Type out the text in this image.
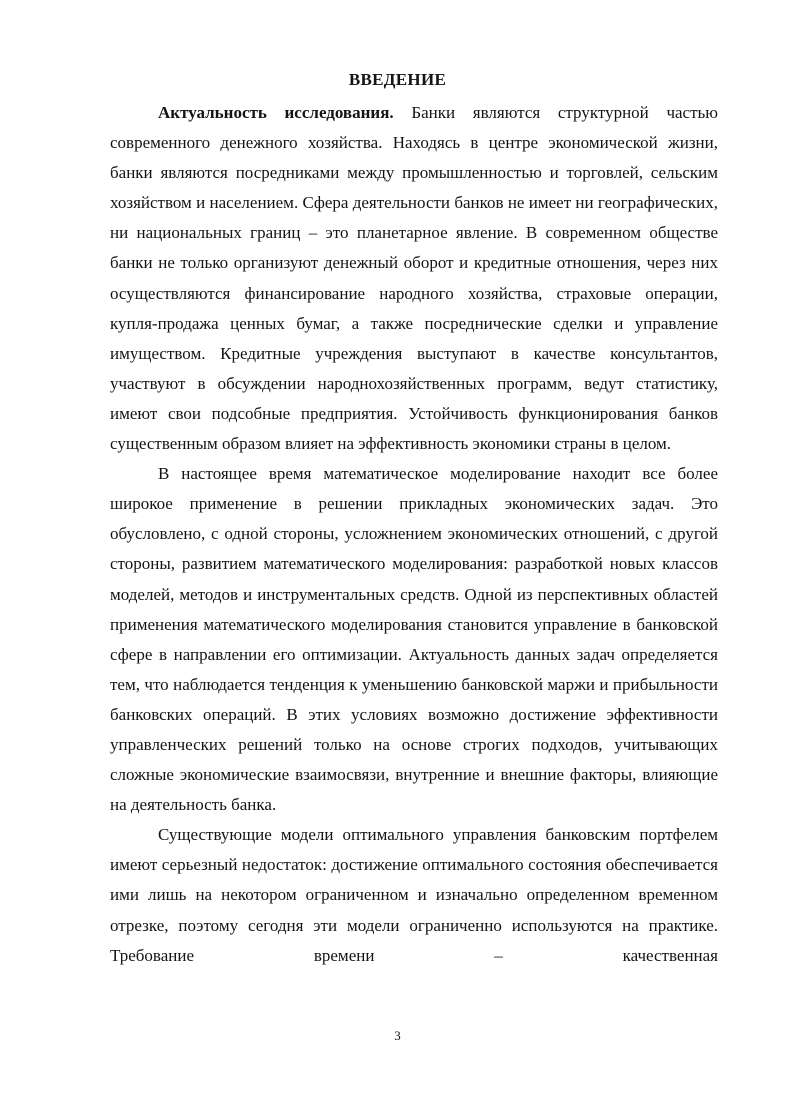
ВВЕДЕНИЕ

Актуальность исследования. Банки являются структурной частью современного денежного хозяйства. Находясь в центре экономической жизни, банки являются посредниками между промышленностью и торговлей, сельским хозяйством и населением. Сфера деятельности банков не имеет ни географических, ни национальных границ – это планетарное явление. В современном обществе банки не только организуют денежный оборот и кредитные отношения, через них осуществляются финансирование народного хозяйства, страховые операции, купля-продажа ценных бумаг, а также посреднические сделки и управление имуществом. Кредитные учреждения выступают в качестве консультантов, участвуют в обсуждении народнохозяйственных программ, ведут статистику, имеют свои подсобные предприятия. Устойчивость функционирования банков существенным образом влияет на эффективность экономики страны в целом.

В настоящее время математическое моделирование находит все более широкое применение в решении прикладных экономических задач. Это обусловлено, с одной стороны, усложнением экономических отношений, с другой стороны, развитием математического моделирования: разработкой новых классов моделей, методов и инструментальных средств. Одной из перспективных областей применения математического моделирования становится управление в банковской сфере в направлении его оптимизации. Актуальность данных задач определяется тем, что наблюдается тенденция к уменьшению банковской маржи и прибыльности банковских операций. В этих условиях возможно достижение эффективности управленческих решений только на основе строгих подходов, учитывающих сложные экономические взаимосвязи, внутренние и внешние факторы, влияющие на деятельность банка.

Существующие модели оптимального управления банковским портфелем имеют серьезный недостаток: достижение оптимального состояния обеспечивается ими лишь на некотором ограниченном и изначально определенном временном отрезке, поэтому сегодня эти модели ограниченно используются на практике. Требование времени – качественная

3
